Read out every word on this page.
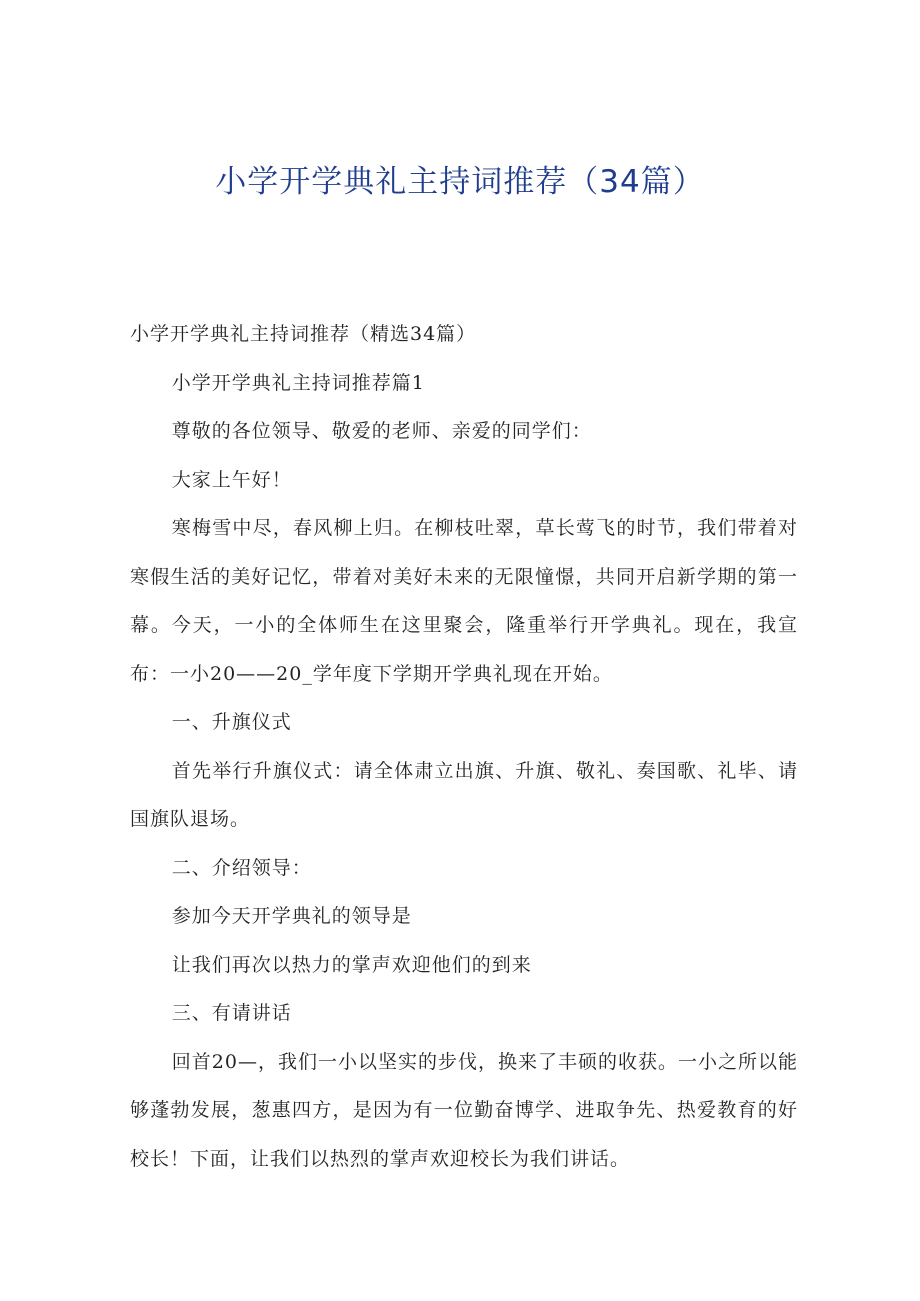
小学开学典礼主持词推荐（34篇）

小学开学典礼主持词推荐（精选34篇）

小学开学典礼主持词推荐篇1

尊敬的各位领导、敬爱的老师、亲爱的同学们：

大家上午好！

寒梅雪中尽，春风柳上归。在柳枝吐翠，草长莺飞的时节，我们带着对寒假生活的美好记忆，带着对美好未来的无限憧憬，共同开启新学期的第一幕。今天，一小的全体师生在这里聚会，隆重举行开学典礼。现在，我宣布：一小20——20_学年度下学期开学典礼现在开始。

一、升旗仪式

首先举行升旗仪式：请全体肃立出旗、升旗、敬礼、奏国歌、礼毕、请国旗队退场。

二、介绍领导：

参加今天开学典礼的领导是

让我们再次以热力的掌声欢迎他们的到来

三、有请讲话

回首20—，我们一小以坚实的步伐，换来了丰硕的收获。一小之所以能够蓬勃发展，葱惠四方，是因为有一位勤奋博学、进取争先、热爱教育的好校长！下面，让我们以热烈的掌声欢迎校长为我们讲话。
